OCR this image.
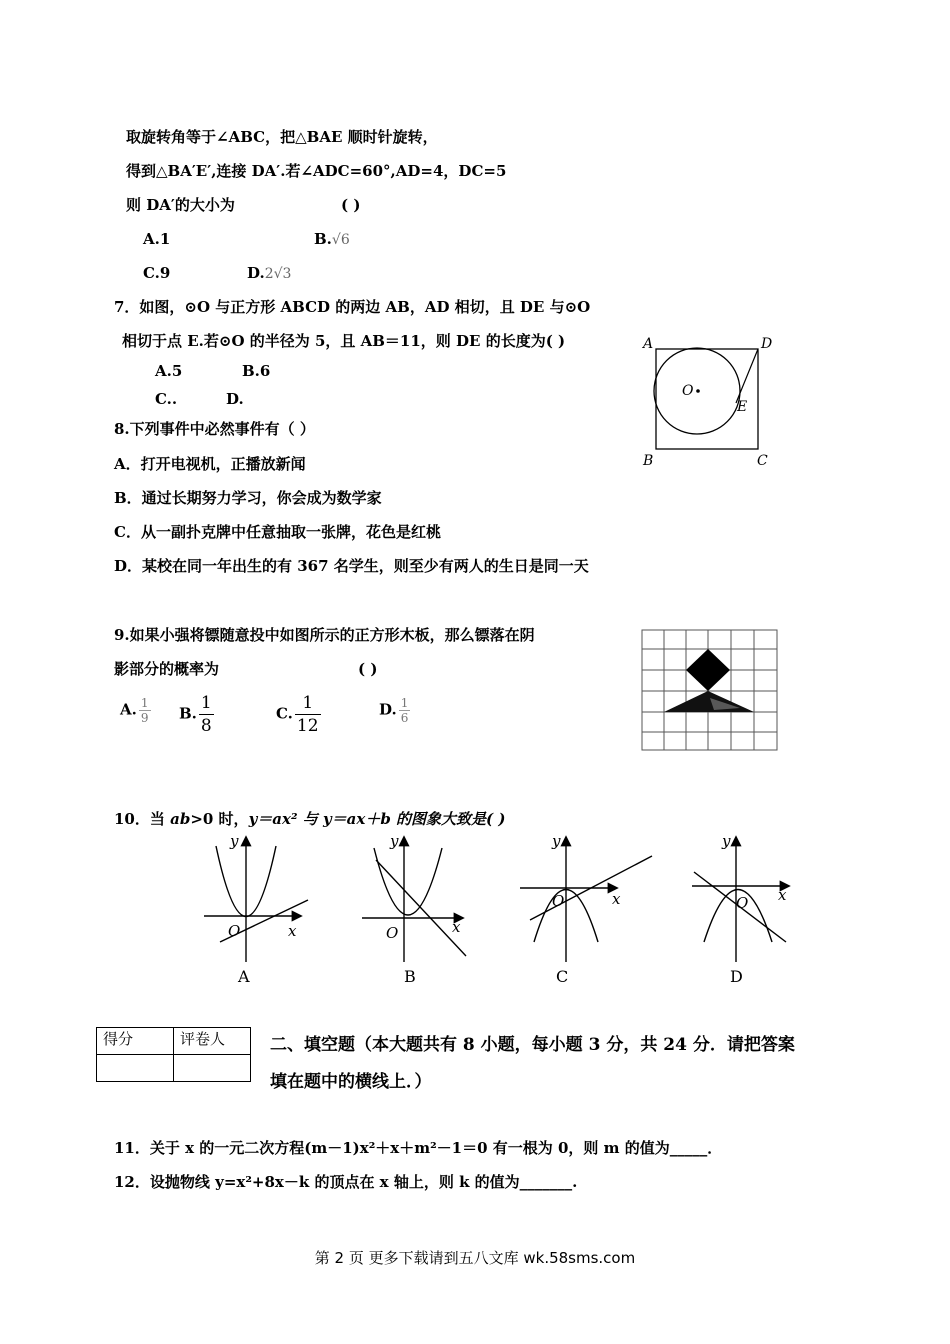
取旋转角等于∠ABC，把△BAE 顺时针旋转，
得到△BA′E′,连接 DA′.若∠ADC=60°,AD=4，DC=5
则 DA′的大小为	( )
A.1	B.√6
C.9	D.2√3
7．如图，⊙O 与正方形 ABCD 的两边 AB，AD 相切，且 DE 与⊙O
相切于点 E.若⊙O 的半径为 5，且 AB＝11，则 DE 的长度为( )
A.5	B.6
C..	D.
A	D
O
E
B	C
8.下列事件中必然事件有（ ）
A．打开电视机，正播放新闻
B．通过长期努力学习，你会成为数学家
C．从一副扑克牌中任意抽取一张牌，花色是红桃
D．某校在同一年出生的有 367 名学生，则至少有两人的生日是同一天
9.如果小强将镖随意投中如图所示的正方形木板，那么镖落在阴
影部分的概率为	( )
A. $\frac{1}{9} B$. $\frac{1}{8}$	C. $\frac{1}{12}$	D. $\frac{1}{6}$
10．当 ab>0 时，y＝ax² 与 y＝ax＋b 的图象大致是( )
y
O	x
A
y
O	x
B
y
O	x
C
y
O x
D
得分	评卷人
		二、填空题（本大题共有 8 小题，每小题 3 分，共 24 分．请把答案
填在题中的横线上．）
11．关于 x 的一元二次方程(m－1)x²＋x＋m²－1＝0 有一根为 0，则 m 的值为_____．
12．设抛物线 y=x²+8x－k 的顶点在 x 轴上，则 k 的值为_______.
第 2 页 更多下载请到五八文库 wk.58sms.com
